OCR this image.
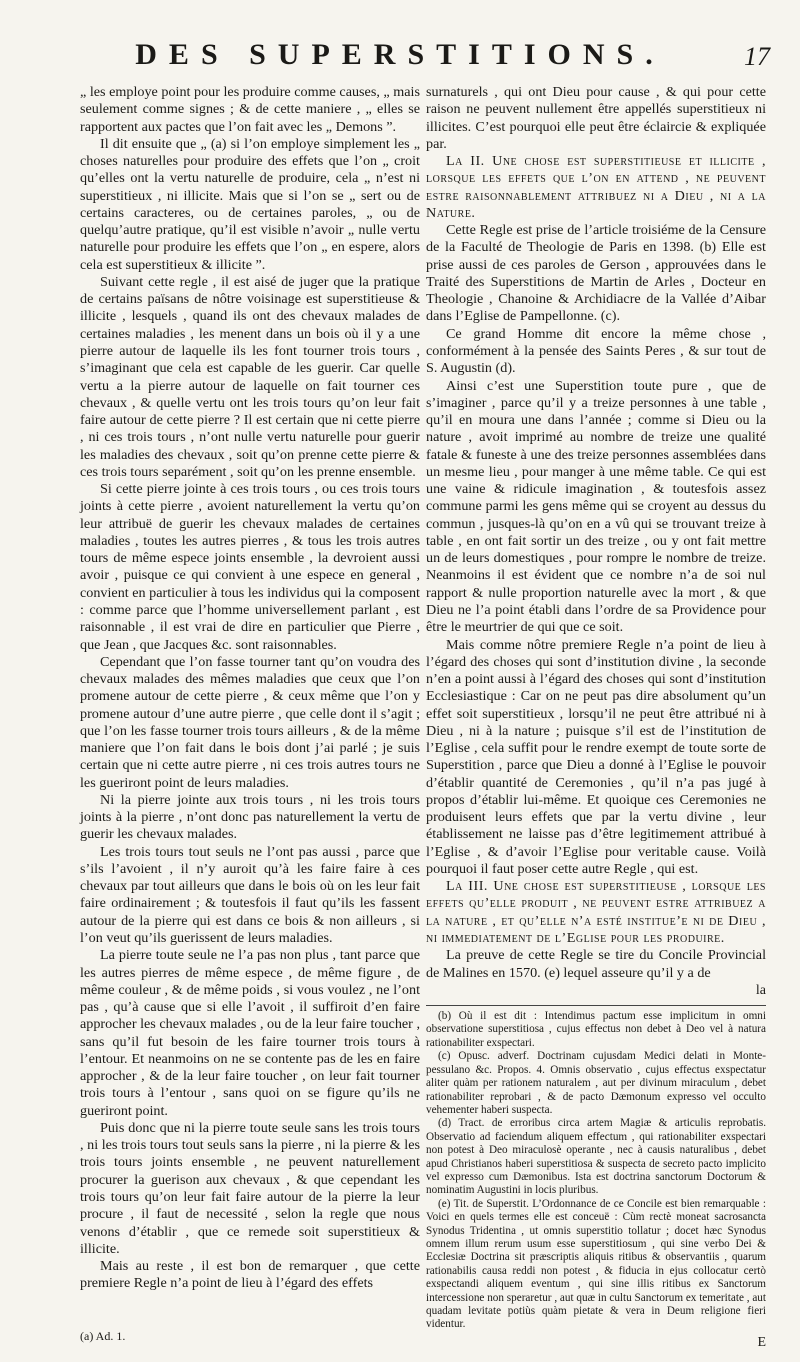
DES SUPERSTITIONS.	17

„ les employe point pour les produire comme causes, „ mais seulement comme signes ; & de cette maniere , „ elles se rapportent aux pactes que l’on fait avec les „ Demons ”.

Il dit ensuite que „ (a) si l’on employe simplement les „ choses naturelles pour produire des effets que l’on „ croit qu’elles ont la vertu naturelle de produire, cela „ n’est ni superstitieux , ni illicite. Mais que si l’on se „ sert ou de certains caracteres, ou de certaines paroles, „ ou de quelqu’autre pratique, qu’il est visible n’avoir „ nulle vertu naturelle pour produire les effets que l’on „ en espere, alors cela est superstitieux & illicite ”.

Suivant cette regle , il est aisé de juger que la pratique de certains païsans de nôtre voisinage est superstitieuse & illicite , lesquels , quand ils ont des chevaux malades de certaines maladies , les menent dans un bois où il y a une pierre autour de laquelle ils les font tourner trois tours , s’imaginant que cela est capable de les guerir. Car quelle vertu a la pierre autour de laquelle on fait tourner ces chevaux , & quelle vertu ont les trois tours qu’on leur fait faire autour de cette pierre ? Il est certain que ni cette pierre , ni ces trois tours , n’ont nulle vertu naturelle pour guerir les maladies des chevaux , soit qu’on prenne cette pierre & ces trois tours separément , soit qu’on les prenne ensemble.

Si cette pierre jointe à ces trois tours , ou ces trois tours joints à cette pierre , avoient naturellement la vertu qu’on leur attribuë de guerir les chevaux malades de certaines maladies , toutes les autres pierres , & tous les trois autres tours de même espece joints ensemble , la devroient aussi avoir , puisque ce qui convient à une espece en general , convient en particulier à tous les individus qui la composent : comme parce que l’homme universellement parlant , est raisonnable , il est vrai de dire en particulier que Pierre , que Jean , que Jacques &c. sont raisonnables.

Cependant que l’on fasse tourner tant qu’on voudra des chevaux malades des mêmes maladies que ceux que l’on promene autour de cette pierre , & ceux même que l’on y promene autour d’une autre pierre , que celle dont il s’agit ; que l’on les fasse tourner trois tours ailleurs , & de la même maniere que l’on fait dans le bois dont j’ai parlé ; je suis certain que ni cette autre pierre , ni ces trois autres tours ne les gueriront point de leurs maladies.

Ni la pierre jointe aux trois tours , ni les trois tours joints à la pierre , n’ont donc pas naturellement la vertu de guerir les chevaux malades.

Les trois tours tout seuls ne l’ont pas aussi , parce que s’ils l’avoient , il n’y auroit qu’à les faire faire à ces chevaux par tout ailleurs que dans le bois où on les leur fait faire ordinairement ; & toutesfois il faut qu’ils les fassent autour de la pierre qui est dans ce bois & non ailleurs , si l’on veut qu’ils guerissent de leurs maladies.

La pierre toute seule ne l’a pas non plus , tant parce que les autres pierres de même espece , de même figure , de même couleur , & de même poids , si vous voulez , ne l’ont pas , qu’à cause que si elle l’avoit , il suffiroit d’en faire approcher les chevaux malades , ou de la leur faire toucher , sans qu’il fut besoin de les faire tourner trois tours à l’entour. Et neanmoins on ne se contente pas de les en faire approcher , & de la leur faire toucher , on leur fait tourner trois tours à l’entour , sans quoi on se figure qu’ils ne gueriront point.

Puis donc que ni la pierre toute seule sans les trois tours , ni les trois tours tout seuls sans la pierre , ni la pierre & les trois tours joints ensemble , ne peuvent naturellement procurer la guerison aux chevaux , & que cependant les trois tours qu’on leur fait faire autour de la pierre la leur procure , il faut de necessité , selon la regle que nous venons d’établir , que ce remede soit superstitieux & illicite.

Mais au reste , il est bon de remarquer , que cette premiere Regle n’a point de lieu à l’égard des effets

(a) Ad. 1.

surnaturels , qui ont Dieu pour cause , & qui pour cette raison ne peuvent nullement être appellés superstitieux ni illicites. C’est pourquoi elle peut être éclaircie & expliquée par.

La II. Une chose est superstitieuse et illicite , lorsque les effets que l’on en attend , ne peuvent estre raisonnablement attribuez ni a Dieu , ni a la Nature.

Cette Regle est prise de l’article troisiéme de la Censure de la Faculté de Theologie de Paris en 1398. (b) Elle est prise aussi de ces paroles de Gerson , approuvées dans le Traité des Superstitions de Martin de Arles , Docteur en Theologie , Chanoine & Archidiacre de la Vallée d’Aibar dans l’Eglise de Pampellonne. (c).

Ce grand Homme dit encore la même chose , conformément à la pensée des Saints Peres , & sur tout de S. Augustin (d).

Ainsi c’est une Superstition toute pure , que de s’imaginer , parce qu’il y a treize personnes à une table , qu’il en moura une dans l’année ; comme si Dieu ou la nature , avoit imprimé au nombre de treize une qualité fatale & funeste à une des treize personnes assemblées dans un mesme lieu , pour manger à une même table. Ce qui est une vaine & ridicule imagination , & toutesfois assez commune parmi les gens même qui se croyent au dessus du commun , jusques-là qu’on en a vû qui se trouvant treize à table , en ont fait sortir un des treize , ou y ont fait mettre un de leurs domestiques , pour rompre le nombre de treize. Neanmoins il est évident que ce nombre n’a de soi nul rapport & nulle proportion naturelle avec la mort , & que Dieu ne l’a point établi dans l’ordre de sa Providence pour être le meurtrier de qui que ce soit.

Mais comme nôtre premiere Regle n’a point de lieu à l’égard des choses qui sont d’institution divine , la seconde n’en a point aussi à l’égard des choses qui sont d’institution Ecclesiastique : Car on ne peut pas dire absolument qu’un effet soit superstitieux , lorsqu’il ne peut être attribué ni à Dieu , ni à la nature ; puisque s’il est de l’institution de l’Eglise , cela suffit pour le rendre exempt de toute sorte de Superstition , parce que Dieu a donné à l’Eglise le pouvoir d’établir quantité de Ceremonies , qu’il n’a pas jugé à propos d’établir lui-même. Et quoique ces Ceremonies ne produisent leurs effets que par la vertu divine , leur établissement ne laisse pas d’être legitimement attribué à l’Eglise , & d’avoir l’Eglise pour veritable cause. Voilà pourquoi il faut poser cette autre Regle , qui est.

La III. Une chose est superstitieuse , lorsque les effets qu’elle produit , ne peuvent estre attribuez a la nature , et qu’elle n’a esté institue’e ni de Dieu , ni immediatement de l’Eglise pour les produire.

La preuve de cette Regle se tire du Concile Provincial de Malines en 1570. (e) lequel asseure qu’il y a de

la

(b) Où il est dit : Intendimus pactum esse implicitum in omni observatione superstitiosa , cujus effectus non debet à Deo vel à natura rationabiliter exspectari.

(c) Opusc. adverf. Doctrinam cujusdam Medici delati in Monte-pessulano &c. Propos. 4. Omnis observatio , cujus effectus exspectatur aliter quàm per rationem naturalem , aut per divinum miraculum , debet rationabiliter reprobari , & de pacto Dæmonum expresso vel occulto vehementer haberi suspecta.

(d) Tract. de erroribus circa artem Magiæ & articulis reprobatis. Observatio ad faciendum aliquem effectum , qui rationabiliter exspectari non potest à Deo miraculosè operante , nec à causis naturalibus , debet apud Christianos haberi superstitiosa & suspecta de secreto pacto implicito vel expresso cum Dæmonibus. Ista est doctrina sanctorum Doctorum & nominatim Augustini in locis pluribus.

(e) Tit. de Superstit. L’Ordonnance de ce Concile est bien remarquable : Voici en quels termes elle est conceuë : Cùm rectè moneat sacrosancta Synodus Tridentina , ut omnis superstitio tollatur ; docet hæc Synodus omnem illum rerum usum esse superstitiosum , qui sine verbo Dei & Ecclesiæ Doctrina sit præscriptis aliquis ritibus & observantiis , quarum rationabilis causa reddi non potest , & fiducia in ejus collocatur certò exspectandi aliquem eventum , qui sine illis ritibus ex Sanctorum intercessione non speraretur , aut quæ in cultu Sanctorum ex temeritate , aut quadam levitate potiùs quàm pietate & vera in Deum religione fieri videntur.

E
